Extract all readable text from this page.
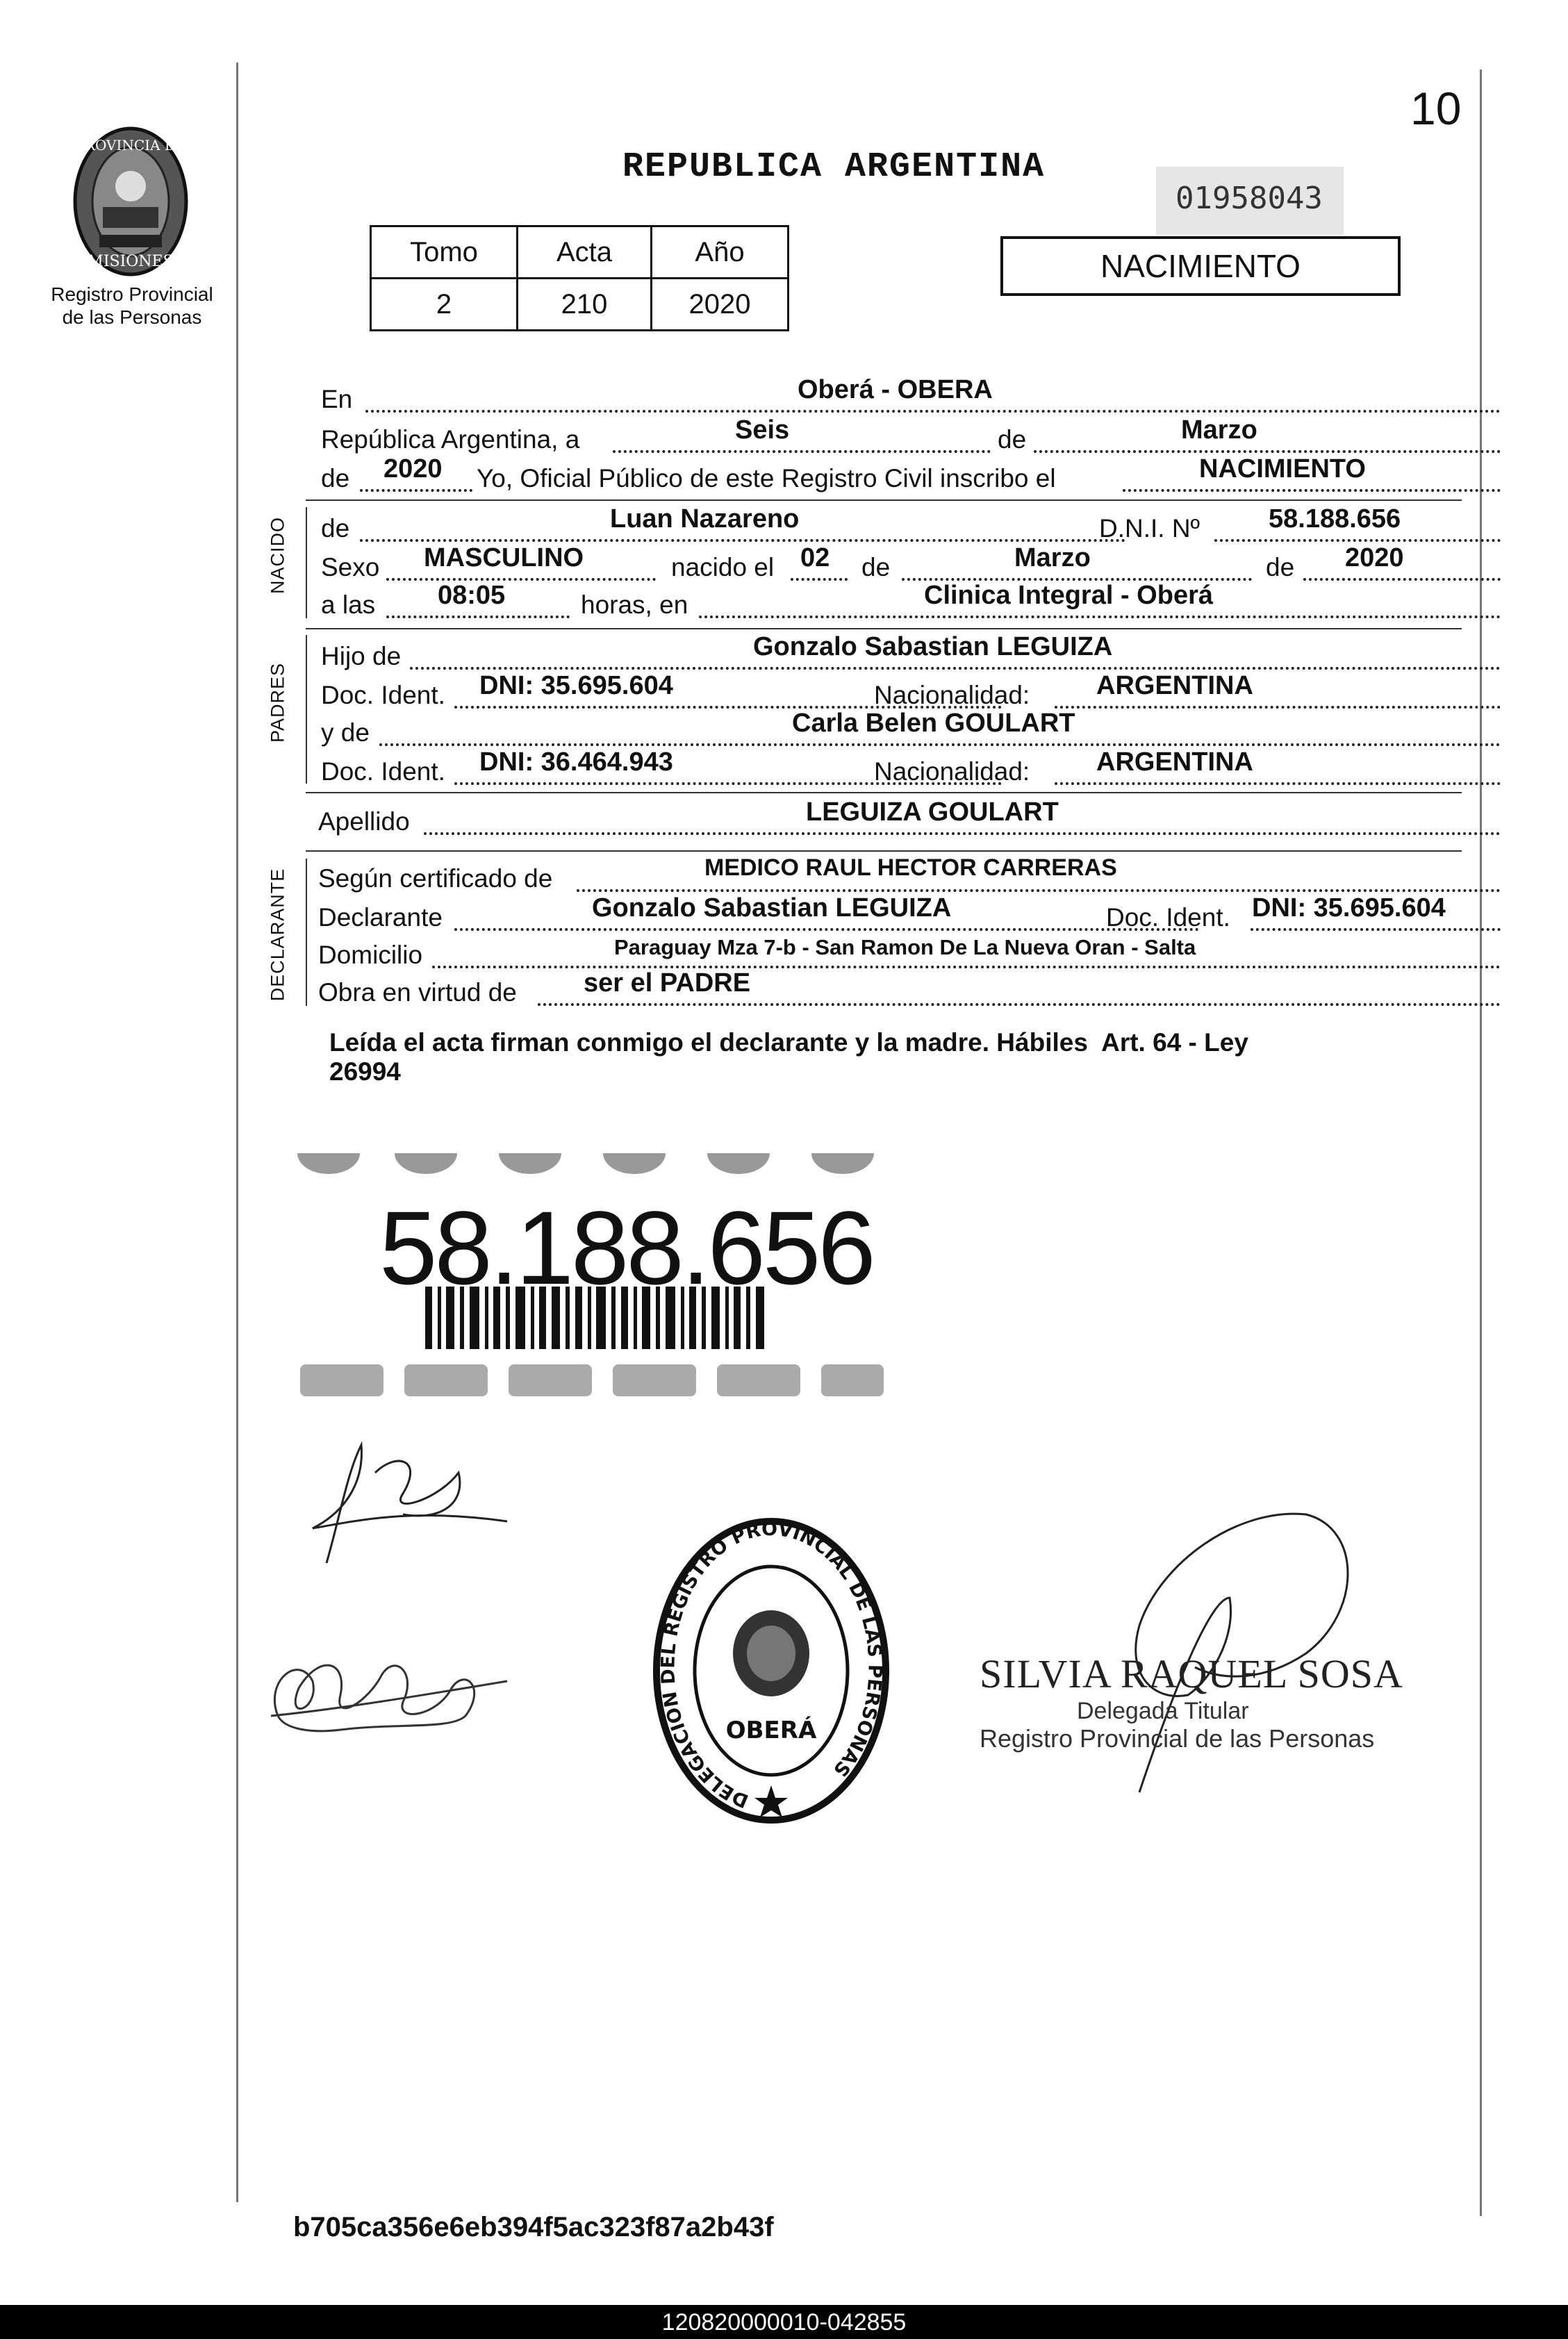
10
PROVINCIA DE
MISIONES
Registro Provincial
de las Personas
REPUBLICA ARGENTINA
01958043
NACIMIENTO
Tomo	Acta	Año
2	210	2020
En	Oberá - OBERA
República Argentina, a	Seis	de	Marzo
de 2020 Yo, Oficial Público de este Registro Civil inscribo el	NACIMIENTO
NACIDO de	Luan Nazareno	D.N.I. Nº	58.188.656
Sexo MASCULINO	nacido el 02 de	Marzo	de 2020
a las 08:05	horas, en	Clinica Integral - Oberá
PADRES
Hijo de	Gonzalo Sabastian LEGUIZA
Doc. Ident. DNI: 35.695.604	Nacionalidad:	ARGENTINA
y de	Carla Belen GOULART
Doc. Ident. DNI: 36.464.943	Nacionalidad:	ARGENTINA
Apellido	LEGUIZA GOULART
DECLARANTE Según certificado de	MEDICO RAUL HECTOR CARRERAS
Declarante	Gonzalo Sabastian LEGUIZA	Doc. Ident. DNI: 35.695.604
Domicilio	Paraguay Mza 7-b - San Ramon De La Nueva Oran - Salta
Obra en virtud de	ser el PADRE
Leída el acta firman conmigo el declarante y la madre. Hábiles  Art. 64 - Ley
26994
58.188.656
DELEGACION DEL REGISTRO PROVINCIAL DE LAS PERSONAS
OBERÁ
SILVIA RAQUEL SOSA
Delegada Titular
Registro Provincial de las Personas
b705ca356e6eb394f5ac323f87a2b43f
120820000010-042855
